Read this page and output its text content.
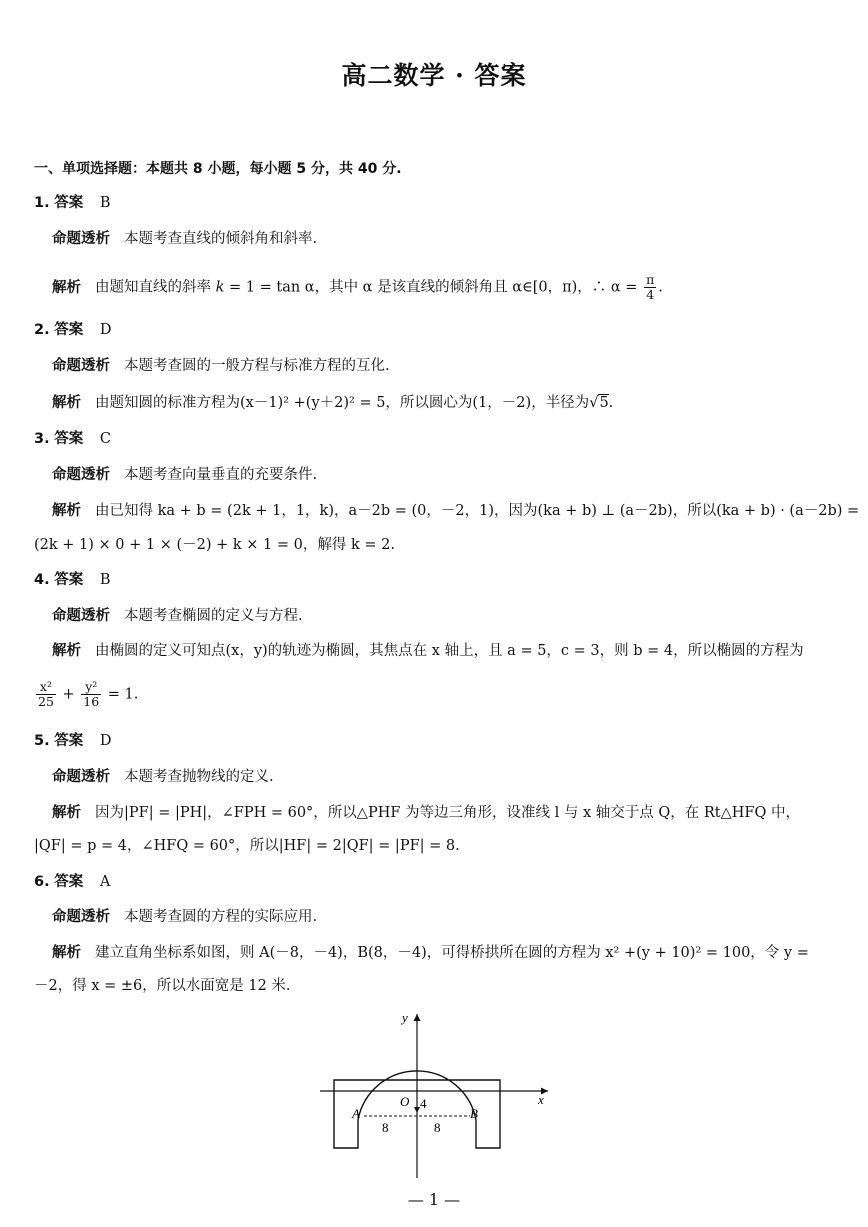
高二数学 · 答案
一、单项选择题：本题共 8 小题，每小题 5 分，共 40 分.
1. 答案 B
命题透析 本题考查直线的倾斜角和斜率.
解析 由题知直线的斜率 k = 1 = tan α，其中 α 是该直线的倾斜角且 α∈[0，π)，∴ $\alpha = \frac{\pi}{4}$ .
2. 答案 D
命题透析 本题考查圆的一般方程与标准方程的互化.
解析 由题知圆的标准方程为(x－1)² +(y＋2)² = 5，所以圆心为(1，－2)，半径为√5.
3. 答案 C
命题透析 本题考查向量垂直的充要条件.
解析 由已知得 ka + b = (2k + 1，1，k)，a－2b = (0，－2，1)，因为(ka + b) ⊥ (a－2b)，所以(ka + b) · (a－2b) =
(2k + 1) × 0 + 1 × (－2) + k × 1 = 0，解得 k = 2.
4. 答案 B
命题透析 本题考查椭圆的定义与方程.
解析 由椭圆的定义可知点(x，y)的轨迹为椭圆，其焦点在 x 轴上，且 a = 5，c = 3，则 b = 4，所以椭圆的方程为
$\frac{\text{x²}}{25} + \frac{\text{y²}}{16} = 1$.
5. 答案 D
命题透析 本题考查抛物线的定义.
解析 因为|PF| = |PH|，∠FPH = 60°，所以△PHF 为等边三角形，设准线 l 与 x 轴交于点 Q，在 Rt△HFQ 中，
|QF| = p = 4，∠HFQ = 60°，所以|HF| = 2|QF| = |PF| = 8.
6. 答案 A
命题透析 本题考查圆的方程的实际应用.
解析 建立直角坐标系如图，则 A(－8，－4)，B(8，－4)，可得桥拱所在圆的方程为 x² +(y + 10)² = 100，令 y =
－2，得 x = ±6，所以水面宽是 12 米.
y
x
O 4
A	B
8	8
— 1 —
